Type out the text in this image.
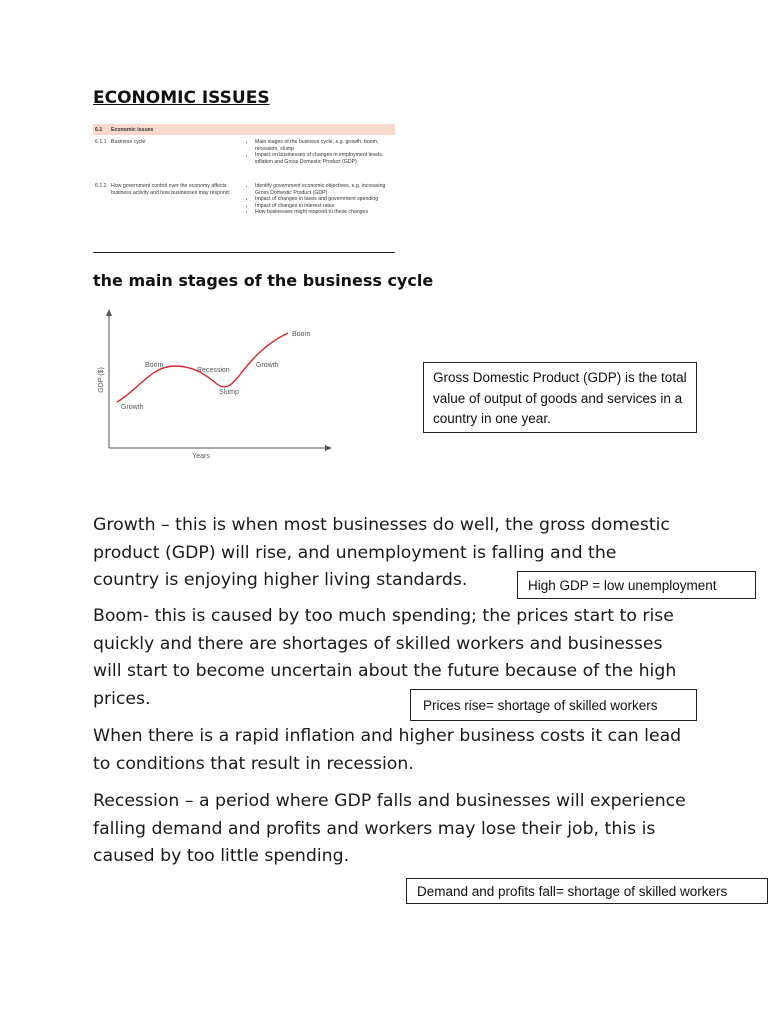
ECONOMIC ISSUES
6.1	Economic issues
6.1.1 Business cycle:
•	Main stages of the business cycle, e.g. growth, boom, recession, slump
• Impact on businesses of changes in employment levels, inflation and Gross Domestic Product (GDP)
6.1.2 How government control over the economy affects business activity and how businesses may respond:
• Identify government economic objectives, e.g. increasing Gross Domestic Product (GDP)
• Impact of changes in taxes and government spending
• Impact of changes in interest rates
• How businesses might respond to these changes
the main stages of the business cycle
GDP ($)
Years
Growth
Boom
Recession
Slump
Growth
Boom
Gross Domestic Product (GDP) is the total value of output of goods and services in a country in one year.

Growth – this is when most businesses do well, the gross domestic product (GDP) will rise, and unemployment is falling and the country is enjoying higher living standards.	High GDP = low unemployment

Boom- this is caused by too much spending; the prices start to rise quickly and there are shortages of skilled workers and businesses will start to become uncertain about the future because of the high prices.	Prices rise= shortage of skilled workers

When there is a rapid inflation and higher business costs it can lead to conditions that result in recession.

Recession – a period where GDP falls and businesses will experience falling demand and profits and workers may lose their job, this is caused by too little spending.

Demand and profits fall= shortage of skilled workers
